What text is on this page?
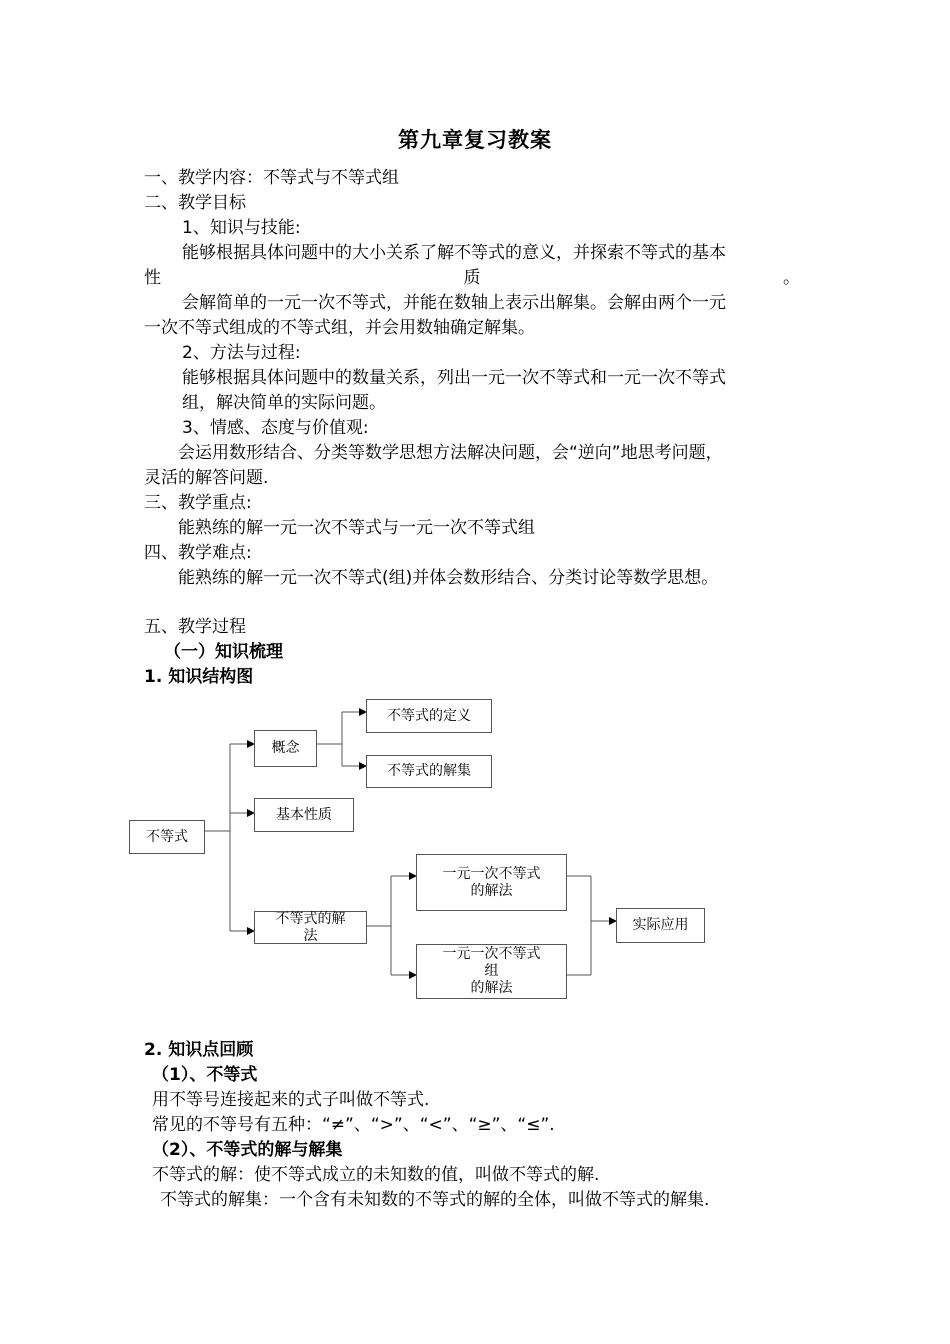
第九章复习教案
一、教学内容：不等式与不等式组
二、教学目标
1、知识与技能:
能够根据具体问题中的大小关系了解不等式的意义，并探索不等式的基本
性	质	。
会解简单的一元一次不等式，并能在数轴上表示出解集。会解由两个一元
一次不等式组成的不等式组，并会用数轴确定解集。
2、方法与过程:
能够根据具体问题中的数量关系，列出一元一次不等式和一元一次不等式
组，解决简单的实际问题。
3、情感、态度与价值观:
会运用数形结合、分类等数学思想方法解决问题，会“逆向”地思考问题，
灵活的解答问题.
三、教学重点:
能熟练的解一元一次不等式与一元一次不等式组
四、教学难点:
能熟练的解一元一次不等式(组)并体会数形结合、分类讨论等数学思想。
五、教学过程
（一）知识梳理
1. 知识结构图
不等式
概念
不等式的定义
不等式的解集
基本性质
不等式的解
法
一元一次不等式
的解法
一元一次不等式
组
的解法
实际应用
2. 知识点回顾
（1）、不等式
用不等号连接起来的式子叫做不等式.
常见的不等号有五种：“≠”、“>”、“<”、“≥”、“≤”.
（2）、不等式的解与解集
不等式的解：使不等式成立的未知数的值，叫做不等式的解.
不等式的解集：一个含有未知数的不等式的解的全体，叫做不等式的解集.
